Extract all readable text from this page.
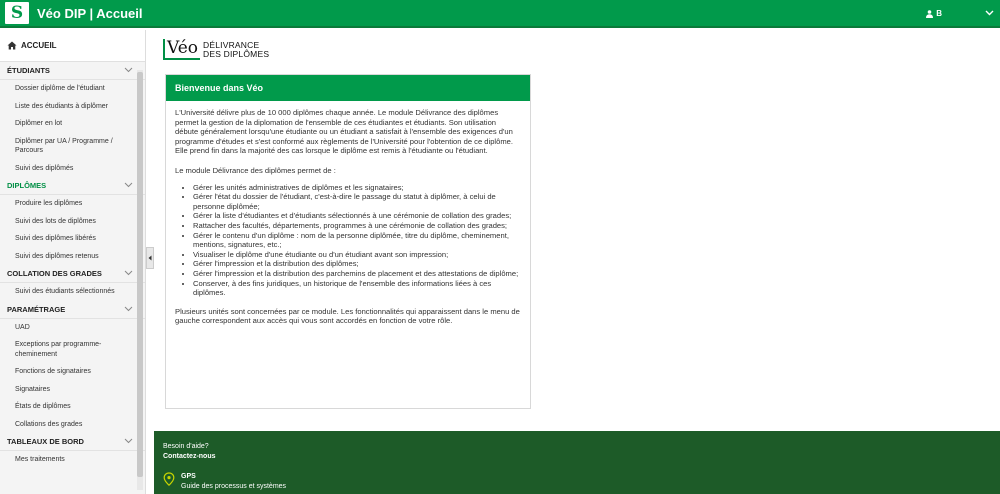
S	Véo DIP | Accueil	B
ACCUEIL
ÉTUDIANTS
Dossier diplôme de l'étudiant
Liste des étudiants à diplômer
Diplômer en lot
Diplômer par UA / Programme / Parcours
Suivi des diplômés
DIPLÔMES
Produire les diplômes
Suivi des lots de diplômes
Suivi des diplômes libérés
Suivi des diplômes retenus
COLLATION DES GRADES
Suivi des étudiants sélectionnés
PARAMÉTRAGE
UAD
Exceptions par programme-cheminement
Fonctions de signataires
Signataires
États de diplômes
Collations des grades
TABLEAUX DE BORD
Mes traitements
Véo DÉLIVRANCE
DES DIPLÔMES
Bienvenue dans Véo

L'Université délivre plus de 10 000 diplômes chaque année. Le module Délivrance des diplômes permet la gestion de la diplomation de l'ensemble de ces étudiantes et étudiants. Son utilisation débute généralement lorsqu'une étudiante ou un étudiant a satisfait à l'ensemble des exigences d'un programme d'études et s'est conformé aux règlements de l'Université pour l'obtention de ce diplôme. Elle prend fin dans la majorité des cas lorsque le diplôme est remis à l'étudiante ou l'étudiant.

Le module Délivrance des diplômes permet de :

• Gérer les unités administratives de diplômes et les signataires;
• Gérer l'état du dossier de l'étudiant, c'est-à-dire le passage du statut à diplômer, à celui de personne diplômée;
• Gérer la liste d'étudiantes et d'étudiants sélectionnés à une cérémonie de collation des grades;
• Rattacher des facultés, départements, programmes à une cérémonie de collation des grades;
• Gérer le contenu d'un diplôme : nom de la personne diplômée, titre du diplôme, cheminement, mentions, signatures, etc.;
• Visualiser le diplôme d'une étudiante ou d'un étudiant avant son impression;
• Gérer l'impression et la distribution des diplômes;
• Gérer l'impression et la distribution des parchemins de placement et des attestations de diplôme;
• Conserver, à des fins juridiques, un historique de l'ensemble des informations liées à ces diplômes.

Plusieurs unités sont concernées par ce module. Les fonctionnalités qui apparaissent dans le menu de gauche correspondent aux accès qui vous sont accordés en fonction de votre rôle.

Besoin d'aide?
Contactez-nous
GPS
Guide des processus et systèmes
